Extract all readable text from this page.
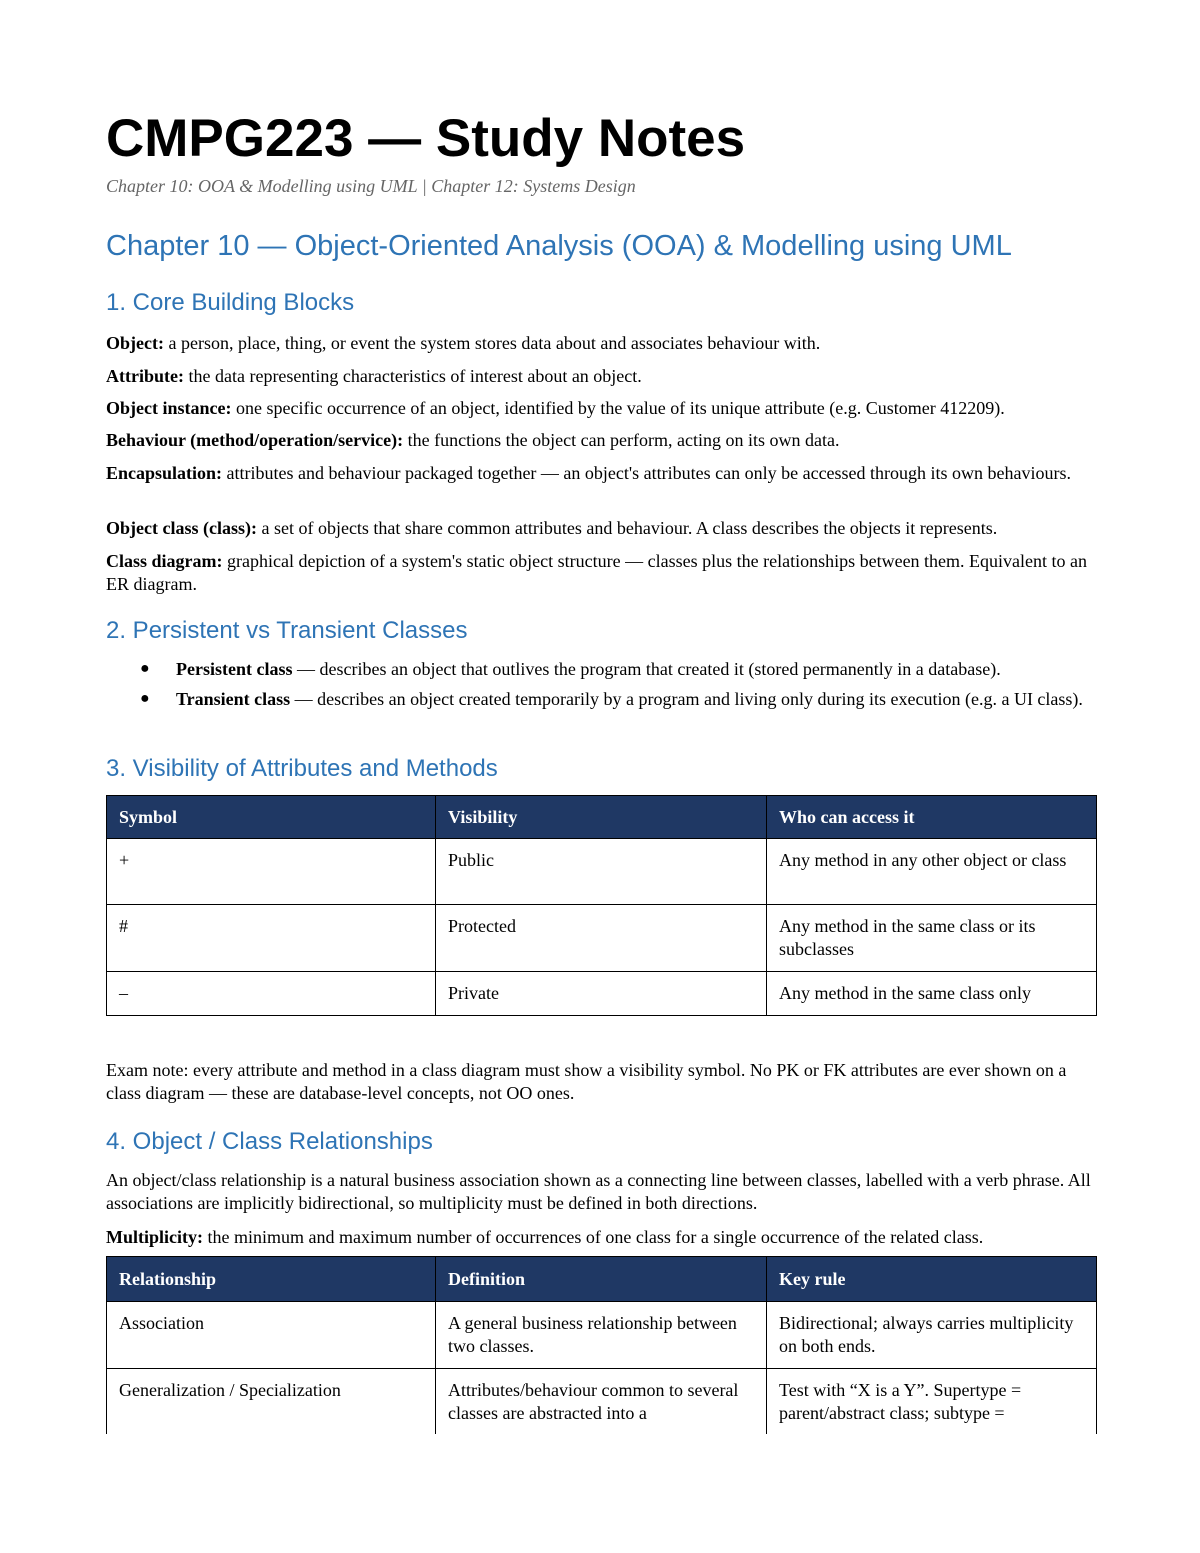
CMPG223 — Study Notes
Chapter 10: OOA & Modelling using UML | Chapter 12: Systems Design
Chapter 10 — Object-Oriented Analysis (OOA) & Modelling using UML
1. Core Building Blocks
Object: a person, place, thing, or event the system stores data about and associates behaviour with.
Attribute: the data representing characteristics of interest about an object.
Object instance: one specific occurrence of an object, identified by the value of its unique attribute (e.g. Customer 412209).
Behaviour (method/operation/service): the functions the object can perform, acting on its own data.
Encapsulation: attributes and behaviour packaged together — an object's attributes can only be accessed through its own behaviours.
Object class (class): a set of objects that share common attributes and behaviour. A class describes the objects it represents.
Class diagram: graphical depiction of a system's static object structure — classes plus the relationships between them. Equivalent to an ER diagram.
2. Persistent vs Transient Classes
● Persistent class — describes an object that outlives the program that created it (stored permanently in a database).
● Transient class — describes an object created temporarily by a program and living only during its execution (e.g. a UI class).
3. Visibility of Attributes and Methods
Symbol	Visibility	Who can access it
+	Public	Any method in any other object or class
#	Protected	Any method in the same class or its subclasses
–	Private	Any method in the same class only
Exam note: every attribute and method in a class diagram must show a visibility symbol. No PK or FK attributes are ever shown on a class diagram — these are database-level concepts, not OO ones.
4. Object / Class Relationships
An object/class relationship is a natural business association shown as a connecting line between classes, labelled with a verb phrase. All associations are implicitly bidirectional, so multiplicity must be defined in both directions.
Multiplicity: the minimum and maximum number of occurrences of one class for a single occurrence of the related class.
Relationship	Definition	Key rule
Association	A general business relationship between two classes.	Bidirectional; always carries multiplicity on both ends.
Generalization / Specialization	Attributes/behaviour common to several classes are abstracted into a	Test with “X is a Y”. Supertype = parent/abstract class; subtype =
